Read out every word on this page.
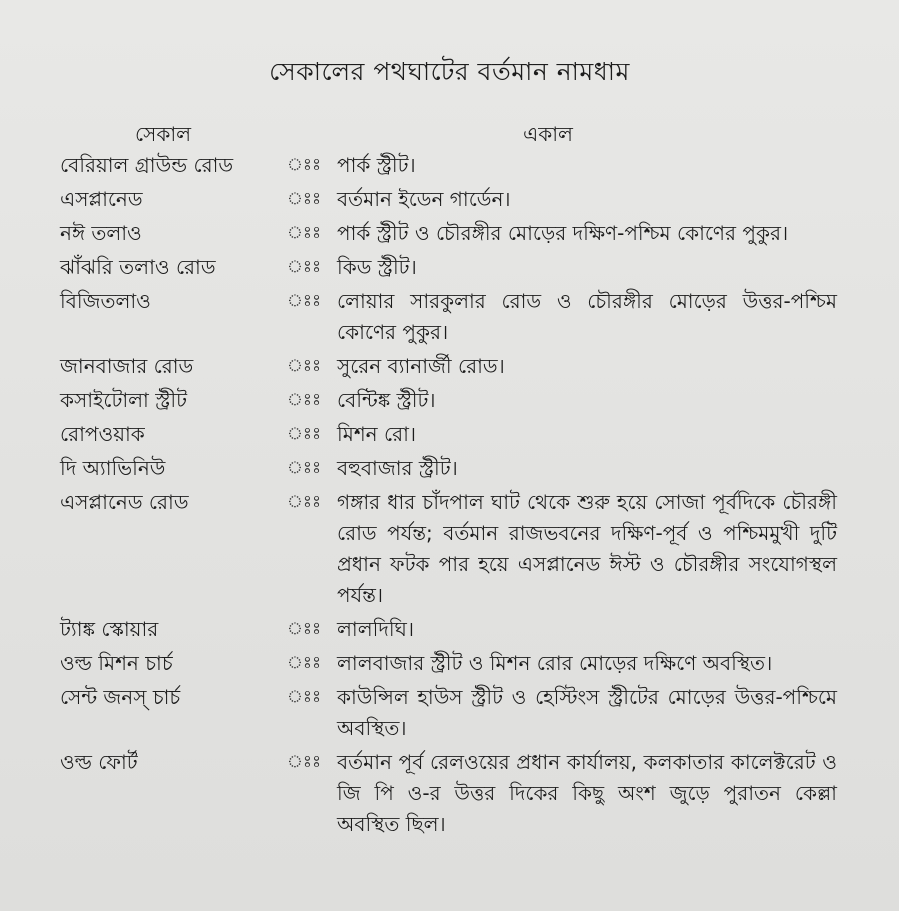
সেকালের পথঘাটের বর্তমান নামধাম
সেকাল	একাল
বেরিয়াল গ্রাউন্ড রোড	ঃঃ পার্ক স্ট্রীট।
এসপ্লানেড	ঃঃ বর্তমান ইডেন গার্ডেন।
নঈ তলাও	ঃঃ পার্ক স্ট্রীট ও চৌরঙ্গীর মোড়ের দক্ষিণ-পশ্চিম কোণের পুকুর।
ঝাঁঝরি তলাও রোড	ঃঃ কিড স্ট্রীট।
বিজিতলাও	ঃঃ লোয়ার সারকুলার রোড ও চৌরঙ্গীর মোড়ের উত্তর-পশ্চিম কোণের পুকুর।
জানবাজার রোড	ঃঃ সুরেন ব্যানার্জী রোড।
কসাইটোলা স্ট্রীট	ঃঃ বেন্টিঙ্ক স্ট্রীট।
রোপওয়াক	ঃঃ মিশন রো।
দি অ্যাভিনিউ	ঃঃ বহুবাজার স্ট্রীট।
এসপ্লানেড রোড	ঃঃ গঙ্গার ধার চাঁদপাল ঘাট থেকে শুরু হয়ে সোজা পূর্বদিকে চৌরঙ্গী রোড পর্যন্ত; বর্তমান রাজভবনের দক্ষিণ-পূর্ব ও পশ্চিমমুখী দুটি প্রধান ফটক পার হয়ে এসপ্লানেড ঈস্ট ও চৌরঙ্গীর সংযোগস্থল পর্যন্ত।
ট্যাঙ্ক স্কোয়ার	ঃঃ লালদিঘি।
ওল্ড মিশন চার্চ	ঃঃ লালবাজার স্ট্রীট ও মিশন রোর মোড়ের দক্ষিণে অবস্থিত।
সেন্ট জনস্ চার্চ	ঃঃ কাউন্সিল হাউস স্ট্রীট ও হেস্টিংস স্ট্রীটের মোড়ের উত্তর-পশ্চিমে অবস্থিত।
ওল্ড ফোর্ট	ঃঃ বর্তমান পূর্ব রেলওয়ের প্রধান কার্যালয়, কলকাতার কালেক্টরেট ও জি পি ও-র উত্তর দিকের কিছু অংশ জুড়ে পুরাতন কেল্লা অবস্থিত ছিল।
